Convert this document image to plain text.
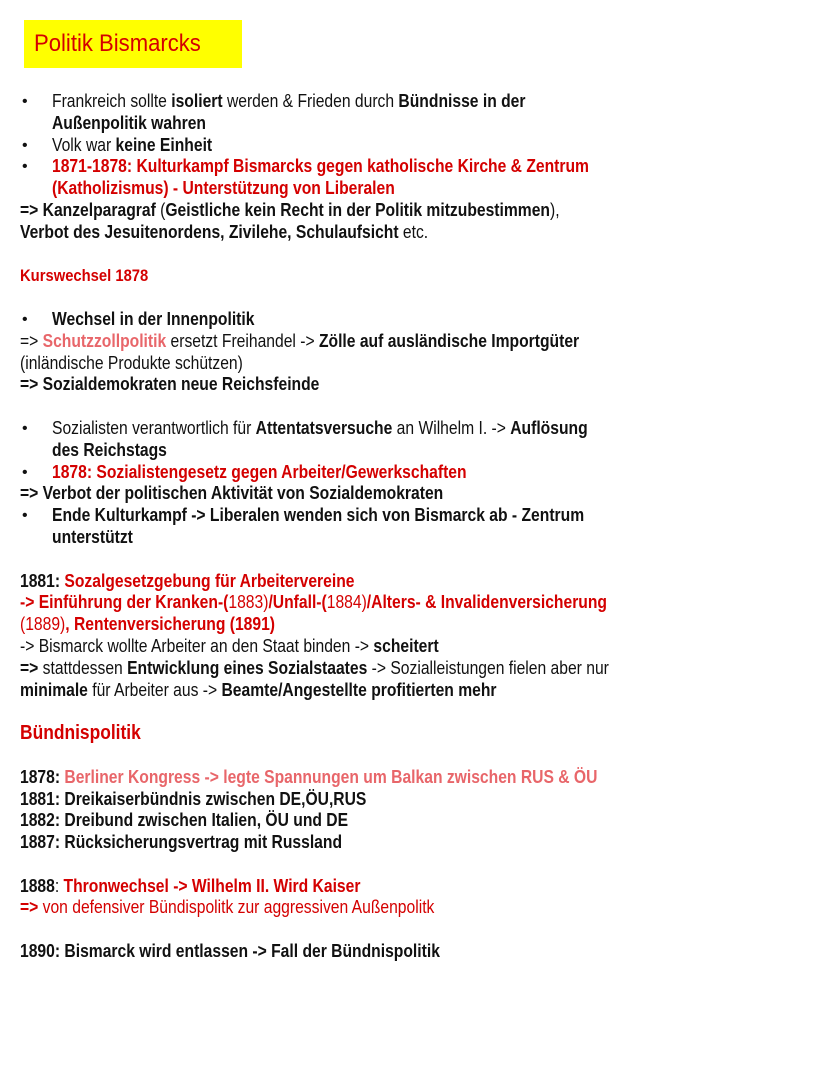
Politik Bismarcks
• Frankreich sollte isoliert werden & Frieden durch Bündnisse in der
Außenpolitik wahren
• Volk war keine Einheit
• 1871-1878: Kulturkampf Bismarcks gegen katholische Kirche & Zentrum
(Katholizismus) - Unterstützung von Liberalen
=> Kanzelparagraf (Geistliche kein Recht in der Politik mitzubestimmen),
Verbot des Jesuitenordens, Zivilehe, Schulaufsicht etc.
Kurswechsel 1878
• Wechsel in der Innenpolitik
=> Schutzzollpolitik ersetzt Freihandel -> Zölle auf ausländische Importgüter
(inländische Produkte schützen)
=> Sozialdemokraten neue Reichsfeinde
• Sozialisten verantwortlich für Attentatsversuche an Wilhelm I. -> Auflösung
des Reichstags
• 1878: Sozialistengesetz gegen Arbeiter/Gewerkschaften
=> Verbot der politischen Aktivität von Sozialdemokraten
• Ende Kulturkampf -> Liberalen wenden sich von Bismarck ab - Zentrum
unterstützt
1881: Sozalgesetzgebung für Arbeitervereine
-> Einführung der Kranken-(1883)/Unfall-(1884)/Alters- & Invalidenversicherung
(1889), Rentenversicherung (1891)
-> Bismarck wollte Arbeiter an den Staat binden -> scheitert
=> stattdessen Entwicklung eines Sozialstaates -> Sozialleistungen fielen aber nur
minimale für Arbeiter aus -> Beamte/Angestellte profitierten mehr
Bündnispolitik
1878: Berliner Kongress -> legte Spannungen um Balkan zwischen RUS & ÖU
1881: Dreikaiserbündnis zwischen DE,ÖU,RUS
1882: Dreibund zwischen Italien, ÖU und DE
1887: Rücksicherungsvertrag mit Russland
1888: Thronwechsel -> Wilhelm II. Wird Kaiser
=> von defensiver Bündispolitk zur aggressiven Außenpolitk
1890: Bismarck wird entlassen -> Fall der Bündnispolitik
